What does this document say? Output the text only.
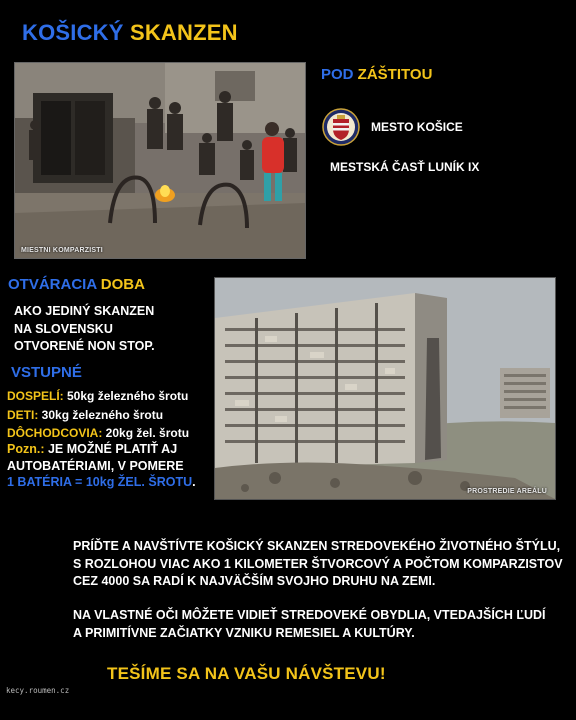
KOŠICKÝ SKANZEN
MIESTNI KOMPARZISTI
POD ZÁŠTITOU
MESTO KOŠICE
MESTSKÁ ČASŤ LUNÍK IX
OTVÁRACIA DOBA
AKO JEDINÝ SKANZEN
NA SLOVENSKU
OTVORENÉ NON STOP.
VSTUPNÉ
DOSPELÍ: 50kg železného šrotu
DETI: 30kg železného šrotu
DÔCHODCOVIA: 20kg žel. šrotu
Pozn.: JE MOŽNÉ PLATIŤ AJ
AUTOBATÉRIAMI, V POMERE
1 BATÉRIA = 10kg ŽEL. ŠROTU.
PROSTREDIE AREÁLU
PRÍĎTE A NAVŠTÍVTE KOŠICKÝ SKANZEN STREDOVEKÉHO ŽIVOTNÉHO ŠTÝLU,
S ROZLOHOU VIAC AKO 1 KILOMETER ŠTVORCOVÝ A POČTOM KOMPARZISTOV
CEZ 4000 SA RADÍ K NAJVÄČŠÍM SVOJHO DRUHU NA ZEMI.
NA VLASTNÉ OČI MÔŽETE VIDIEŤ STREDOVEKÉ OBYDLIA, VTEDAJŠÍCH ĽUDÍ
A PRIMITÍVNE ZAČIATKY VZNIKU REMESIEL A KULTÚRY.
TEŠÍME SA NA VAŠU NÁVŠTEVU!
kecy.roumen.cz
